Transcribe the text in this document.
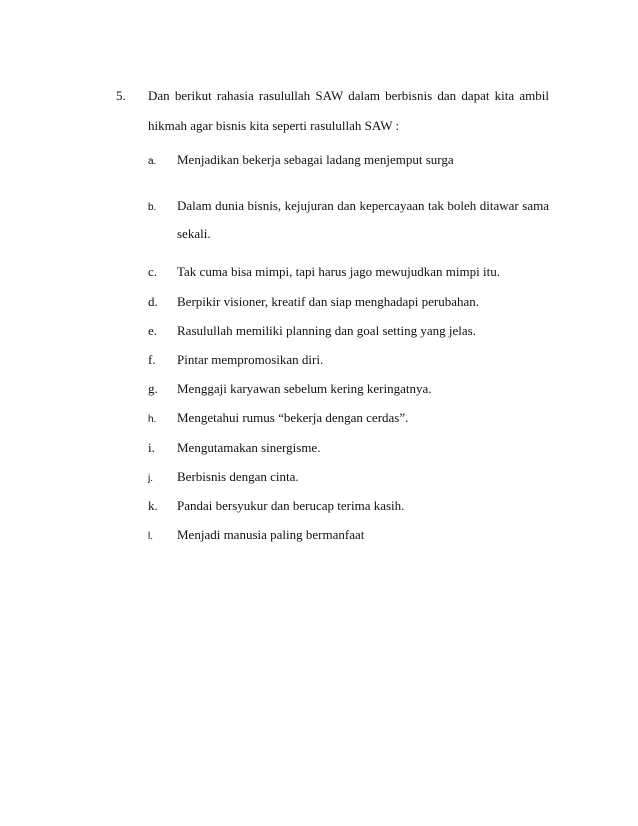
5. Dan berikut rahasia rasulullah SAW dalam berbisnis dan dapat kita ambil
hikmah agar bisnis kita seperti rasulullah SAW :
a. Menjadikan bekerja sebagai ladang menjemput surga
b. Dalam dunia bisnis, kejujuran dan kepercayaan tak boleh ditawar sama
sekali.
c. Tak cuma bisa mimpi, tapi harus jago mewujudkan mimpi itu.
d. Berpikir visioner, kreatif dan siap menghadapi perubahan.
e. Rasulullah memiliki planning dan goal setting yang jelas.
f. Pintar mempromosikan diri.
g. Menggaji karyawan sebelum kering keringatnya.
h. Mengetahui rumus “bekerja dengan cerdas”.
i. Mengutamakan sinergisme.
j. Berbisnis dengan cinta.
k. Pandai bersyukur dan berucap terima kasih.
l. Menjadi manusia paling bermanfaat
